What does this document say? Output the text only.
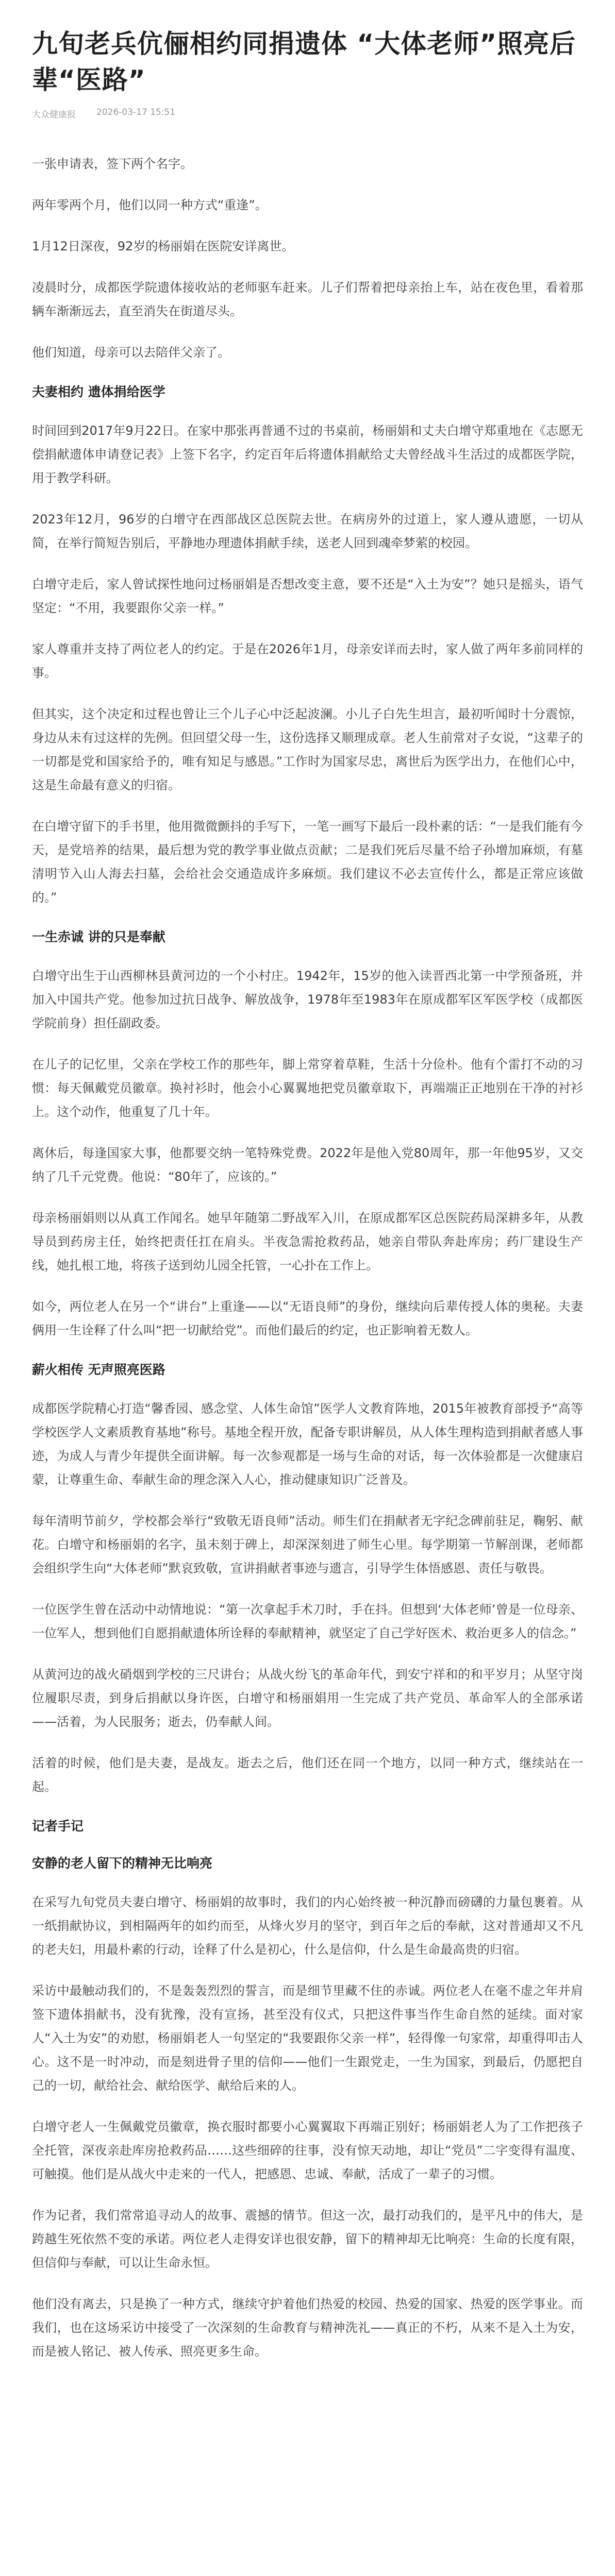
九旬老兵伉俪相约同捐遗体 “大体老师”照亮后辈“医路”
大众健康报 2026-03-17 15:51

一张申请表，签下两个名字。

两年零两个月，他们以同一种方式“重逢”。

1月12日深夜，92岁的杨丽娟在医院安详离世。

凌晨时分，成都医学院遗体接收站的老师驱车赶来。儿子们帮着把母亲抬上车，站在夜色里，看着那辆车渐渐远去，直至消失在街道尽头。

他们知道，母亲可以去陪伴父亲了。

夫妻相约 遗体捐给医学

时间回到2017年9月22日。在家中那张再普通不过的书桌前，杨丽娟和丈夫白增守郑重地在《志愿无偿捐献遗体申请登记表》上签下名字，约定百年后将遗体捐献给丈夫曾经战斗生活过的成都医学院，用于教学科研。

2023年12月，96岁的白增守在西部战区总医院去世。在病房外的过道上，家人遵从遗愿，一切从简，在举行简短告别后，平静地办理遗体捐献手续，送老人回到魂牵梦萦的校园。

白增守走后，家人曾试探性地问过杨丽娟是否想改变主意，要不还是“入土为安”？她只是摇头，语气坚定：“不用，我要跟你父亲一样。”

家人尊重并支持了两位老人的约定。于是在2026年1月，母亲安详而去时，家人做了两年多前同样的事。

但其实，这个决定和过程也曾让三个儿子心中泛起波澜。小儿子白先生坦言，最初听闻时十分震惊，身边从未有过这样的先例。但回望父母一生，这份选择又顺理成章。老人生前常对子女说，“这辈子的一切都是党和国家给予的，唯有知足与感恩。”工作时为国家尽忠，离世后为医学出力，在他们心中，这是生命最有意义的归宿。

在白增守留下的手书里，他用微微颤抖的手写下，一笔一画写下最后一段朴素的话：“一是我们能有今天，是党培养的结果，最后想为党的教学事业做点贡献；二是我们死后尽量不给子孙增加麻烦，有墓清明节入山人海去扫墓，会给社会交通造成许多麻烦。我们建议不必去宣传什么，都是正常应该做的。”

一生赤诚 讲的只是奉献

白增守出生于山西柳林县黄河边的一个小村庄。1942年，15岁的他入读晋西北第一中学预备班，并加入中国共产党。他参加过抗日战争、解放战争，1978年至1983年在原成都军区军医学校（成都医学院前身）担任副政委。

在儿子的记忆里，父亲在学校工作的那些年，脚上常穿着草鞋，生活十分俭朴。他有个雷打不动的习惯：每天佩戴党员徽章。换衬衫时，他会小心翼翼地把党员徽章取下，再端端正正地别在干净的衬衫上。这个动作，他重复了几十年。

离休后，每逢国家大事，他都要交纳一笔特殊党费。2022年是他入党80周年，那一年他95岁，又交纳了几千元党费。他说：“80年了，应该的。”

母亲杨丽娟则以从真工作闻名。她早年随第二野战军入川，在原成都军区总医院药局深耕多年，从教导员到药房主任，始终把责任扛在肩头。半夜急需抢救药品，她亲自带队奔赴库房；药厂建设生产线，她扎根工地，将孩子送到幼儿园全托管，一心扑在工作上。

如今，两位老人在另一个“讲台”上重逢——以“无语良师”的身份，继续向后辈传授人体的奥秘。夫妻俩用一生诠释了什么叫“把一切献给党”。而他们最后的约定，也正影响着无数人。

薪火相传 无声照亮医路

成都医学院精心打造“馨香园、感念堂、人体生命馆”医学人文教育阵地，2015年被教育部授予“高等学校医学人文素质教育基地”称号。基地全程开放，配备专职讲解员，从人体生理构造到捐献者感人事迹，为成人与青少年提供全面讲解。每一次参观都是一场与生命的对话，每一次体验都是一次健康启蒙，让尊重生命、奉献生命的理念深入人心，推动健康知识广泛普及。

每年清明节前夕，学校都会举行“致敬无语良师”活动。师生们在捐献者无字纪念碑前驻足，鞠躬、献花。白增守和杨丽娟的名字，虽未刻于碑上，却深深刻进了师生心里。每学期第一节解剖课，老师都会组织学生向“大体老师”默哀致敬，宣讲捐献者事迹与遗言，引导学生体悟感恩、责任与敬畏。

一位医学生曾在活动中动情地说：“第一次拿起手术刀时，手在抖。但想到‘大体老师’曾是一位母亲、一位军人，想到他们自愿捐献遗体所诠释的奉献精神，就坚定了自己学好医术、救治更多人的信念。”

从黄河边的战火硝烟到学校的三尺讲台；从战火纷飞的革命年代，到安宁祥和的和平岁月；从坚守岗位履职尽责，到身后捐献以身许医，白增守和杨丽娟用一生完成了共产党员、革命军人的全部承诺——活着，为人民服务；逝去，仍奉献人间。

活着的时候，他们是夫妻，是战友。逝去之后，他们还在同一个地方，以同一种方式，继续站在一起。

记者手记
安静的老人留下的精神无比响亮

在采写九旬党员夫妻白增守、杨丽娟的故事时，我们的内心始终被一种沉静而磅礴的力量包裹着。从一纸捐献协议，到相隔两年的如约而至，从烽火岁月的坚守，到百年之后的奉献，这对普通却又不凡的老夫妇，用最朴素的行动，诠释了什么是初心，什么是信仰，什么是生命最高贵的归宿。

采访中最触动我们的，不是轰轰烈烈的誓言，而是细节里藏不住的赤诚。两位老人在毫不虚之年并肩签下遗体捐献书，没有犹豫，没有宣扬，甚至没有仪式，只把这件事当作生命自然的延续。面对家人“入土为安”的劝慰，杨丽娟老人一句坚定的“我要跟你父亲一样”，轻得像一句家常，却重得叩击人心。这不是一时冲动，而是刻进骨子里的信仰——他们一生跟党走，一生为国家，到最后，仍愿把自己的一切，献给社会、献给医学、献给后来的人。

白增守老人一生佩戴党员徽章，换衣服时都要小心翼翼取下再端正别好；杨丽娟老人为了工作把孩子全托管，深夜亲赴库房抢救药品……这些细碎的往事，没有惊天动地，却让“党员”二字变得有温度、可触摸。他们是从战火中走来的一代人，把感恩、忠诚、奉献，活成了一辈子的习惯。

作为记者，我们常常追寻动人的故事、震撼的情节。但这一次，最打动我们的，是平凡中的伟大，是跨越生死依然不变的承诺。两位老人走得安详也很安静，留下的精神却无比响亮：生命的长度有限，但信仰与奉献，可以让生命永恒。

他们没有离去，只是换了一种方式，继续守护着他们热爱的校园、热爱的国家、热爱的医学事业。而我们，也在这场采访中接受了一次深刻的生命教育与精神洗礼——真正的不朽，从来不是入土为安，而是被人铭记、被人传承、照亮更多生命。
